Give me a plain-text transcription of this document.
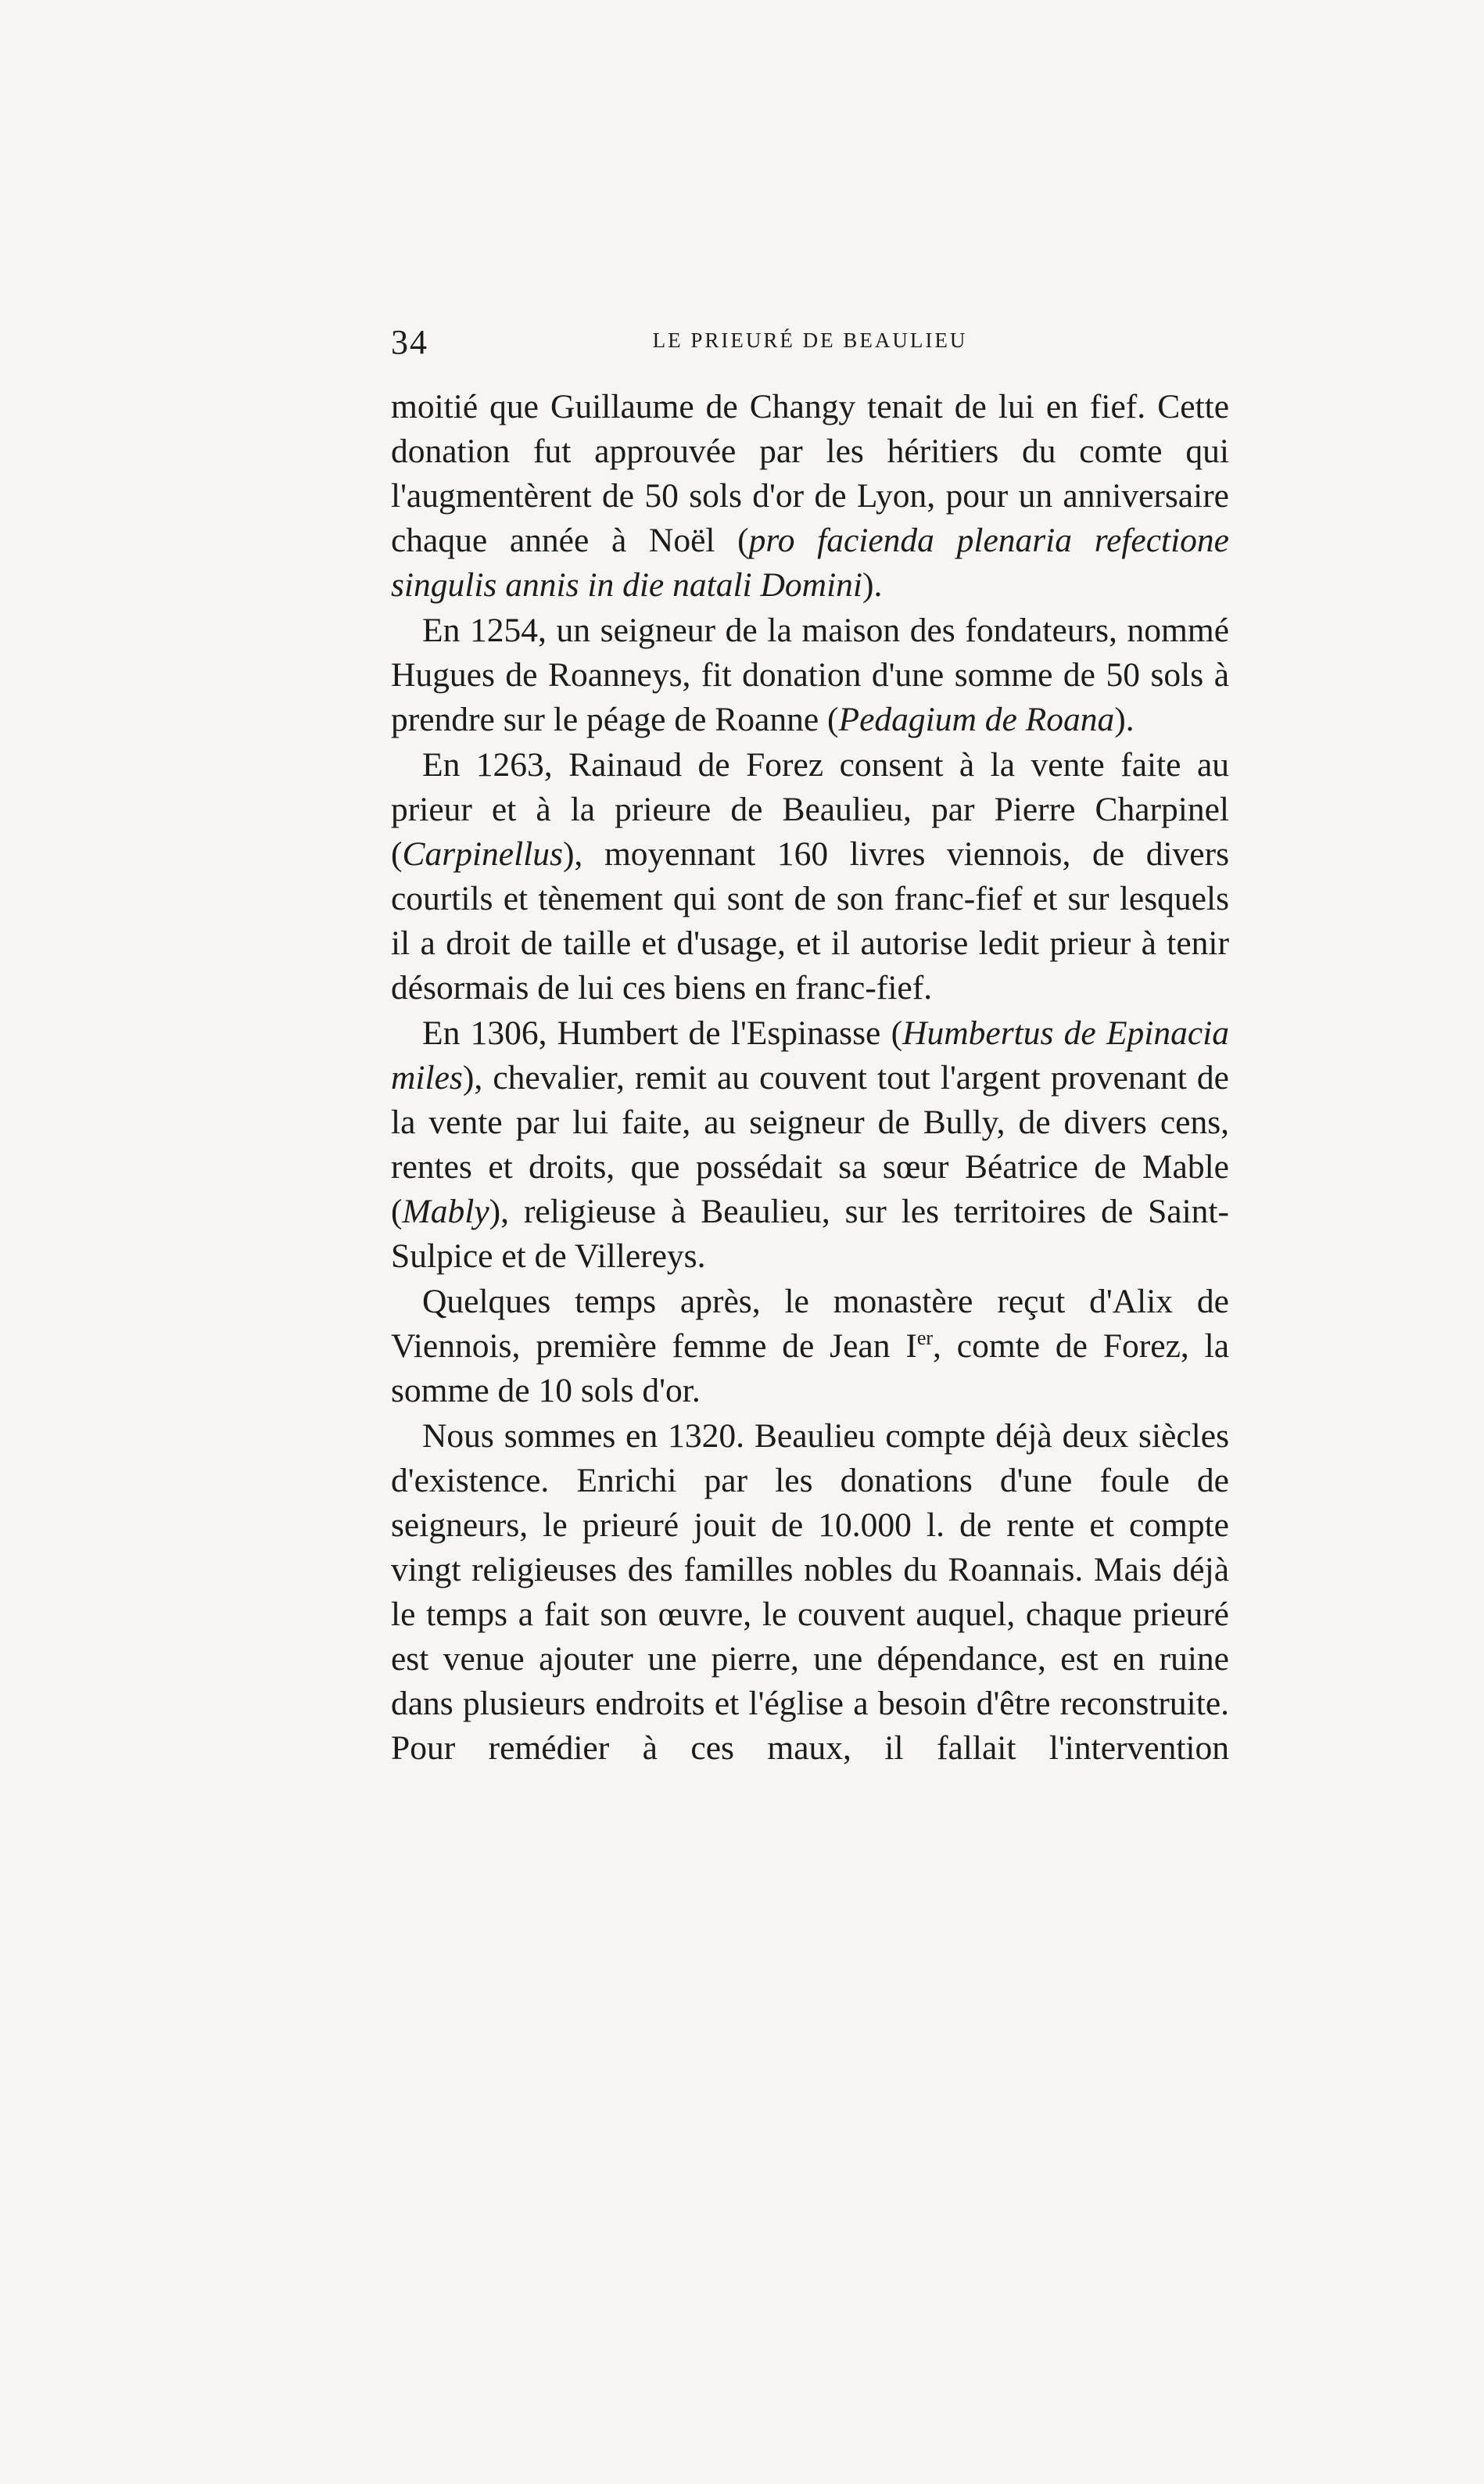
34	LE PRIEURÉ DE BEAULIEU

moitié que Guillaume de Changy tenait de lui en fief. Cette donation fut approuvée par les héritiers du comte qui l'augmentèrent de 50 sols d'or de Lyon, pour un anniversaire chaque année à Noël (pro facienda plenaria refectione singulis annis in die natali Domini).

En 1254, un seigneur de la maison des fondateurs, nommé Hugues de Roanneys, fit donation d'une somme de 50 sols à prendre sur le péage de Roanne (Pedagium de Roana).

En 1263, Rainaud de Forez consent à la vente faite au prieur et à la prieure de Beaulieu, par Pierre Charpinel (Carpinellus), moyennant 160 livres viennois, de divers courtils et tènement qui sont de son franc-fief et sur lesquels il a droit de taille et d'usage, et il autorise ledit prieur à tenir désormais de lui ces biens en franc-fief.

En 1306, Humbert de l'Espinasse (Humbertus de Epinacia miles), chevalier, remit au couvent tout l'argent provenant de la vente par lui faite, au seigneur de Bully, de divers cens, rentes et droits, que possédait sa sœur Béatrice de Mable (Mably), religieuse à Beaulieu, sur les territoires de Saint-Sulpice et de Villereys.

Quelques temps après, le monastère reçut d'Alix de Viennois, première femme de Jean Ier, comte de Forez, la somme de 10 sols d'or.

Nous sommes en 1320. Beaulieu compte déjà deux siècles d'existence. Enrichi par les donations d'une foule de seigneurs, le prieuré jouit de 10.000 l. de rente et compte vingt religieuses des familles nobles du Roannais. Mais déjà le temps a fait son œuvre, le couvent auquel, chaque prieuré est venue ajouter une pierre, une dépendance, est en ruine dans plusieurs endroits et l'église a besoin d'être reconstruite. Pour remédier à ces maux, il fallait l'intervention
